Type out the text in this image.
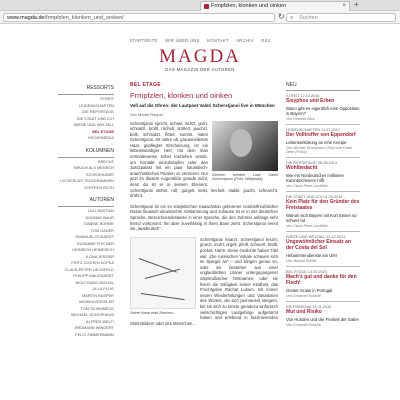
Frmpfzlen, klonken und oinken	× +
www.magda.de/frmpfzlen_klonken_und_oinken/	↻ ⌕ Suchen
STARTSEITE WIR ÜBER UNS KONTAKT ARCHIV RSS
MAGDA
DAS MAGAZIN DER AUTOREN
RESSORTS
STREIT
LEIDENSCHAFTEN
DIE REPORTAGE
DIE STADT UND ICH
WIESE UND WELTALL
BEL ETAGE
KROSSMEDIA
KOLUMNEN
BRECHT
BRUCH ALS MENSCH
SCHISSHUBER
LECKFELDS TELEGRAMMEN
STEFFEN ROTH
AUTOREN
ULLI BASTIAN
DOMINIK BAUR
DABINE BÖHME
TOM DAUER
EMANUEL ECKARDT
SUSANNE FISCHER
HEINRICH HEIMERICH
ILONA JERGER
FRITZ JOCHEN KOPKA
CLAUS-PETER LIECKFELD
PHILIPP MAUSHARDT
WOLFGANG MICHAL
ULLA PLOG
MARTIN RASPER
MONIKA RÖSSLER
TOM SCHIMMECK
MICHAEL SCHOPHAUS
ALFRED WELTI
ERDMANN WINGERT
FELIX ZIMMERMANN
BEL ETAGE
Frmpfzlen, klonken und oinken
Voll auf die Ohren: der Lautpoet Valeri Scherstjanoi live in München
Von Martin Rasper
Zeichen werden Laut: Valeri Scherstjanoi (Foto: Wikipedia)

Scherstjanoi spricht, schreit, ächzt, gurrt, schnalzt, brüllt, röchelt, stottert, jauchzt, bellt, schmatzt, flötet, summt. Valeri Scherstjanoi, 60 Jahre alt, grauemeliertes Haar, gepflegter Erscheinung, ist ein liebenswürdiger Herr; mit dem man normalerweise sofort losziehen würde, um Kontakt einzuknüpfen oder den Justizpalast mit ein paar futuristisch-anarchistischen Parolen zu verzieren. Nur jetzt im diesem Augenblick gerade nicht, denn da ist er in seinem Element. Scherstjanoi stöhnt, ruft, gurgelt, kiekt, hechelt, stakkt, jaucht, schnarcht, dröhnt.

Scherstjanoi ist ein im sowjetischen Kasachstan geborener nordostfreußischer Russe lituaisch-ukrainischer Abstammung und zuhause ist er in der deutschen Sprache. Bezeichnenderweise in einer Sprache, die den Zuhörer anfangs sehr fremd vorkommt. Ihn aber zuverlässig in ihren Bann zieht. Scherstjanoi nennt sie „lautdeutsch“.

Seine Hand malt Zeichen...

Scherstjanoi knarzt. Scherstjanoi knurrt, grunzt, murrt, orgelt, pfeift, schnurrt, brüllt, pocket, Harrt!. Seine Gedichte haben Titel wie: „Die russischen Vokale schauen sich im Spiegel an“ – und klingen genau so, oder sie bestehen aus einer unglaublichen Litanei untergegangener ostpreußischer Ortsnamen, oder sie feiern die Süßigkeit seiner Kindheit, das Fruchtgelee Rachat Lukum, mit immer neuen Wiederholungen und Variationen des Wortes, die sich permanent steigern, bis sie sich zu einem geradezu sinfonisch vielschichtigen Lautgebirge aufgetürmt haben und erlebend in faszinierenden Stimmbildern oder des Menschen...

NEU
STREIT 12.10.2016
Sisyphos und Erben
Wann gibt es eigentlich eine Opposition in Bayern?
Von Dominik Baur
LEIDENSCHAFTEN 11.07.2017
Der Volltreffer von Eppendorf
Lebenserklärung an eine Kneipe
Von Michael Schophaus (Text) und Frank Dietz (Fotos)
DIE REPORTAGE 06.08.2014
Wohlbedacht
Wie ein Nordeutscher millionen Kaninbochsnern hilft
Von Claus-Peter Lieckfeld
DIE STADT UND ICH 01.03.2014
Kein Platz für den Gründer des Freistaates
Warum sich Bayern mit Kurt Eisner so schwer tut
Von Claus-Peter Lieckfeld
WIESE UND WELTALL 12.12.2014
Ungewöhnlicher Einsatz an der Costa del Sol
Hebammendienste am Ufer
Von Monika Rößler
BEL ETAGE 14.04.2015
Mach's gut und danke für den Fisch!
Günter Grass in Portugal
Von Emanuel Eckardt
KROSSMEDIA 12.01.2015
Mut und Risiko
Von Hunden und der Freiheit der Satire
Von Emanuel Eckardt
